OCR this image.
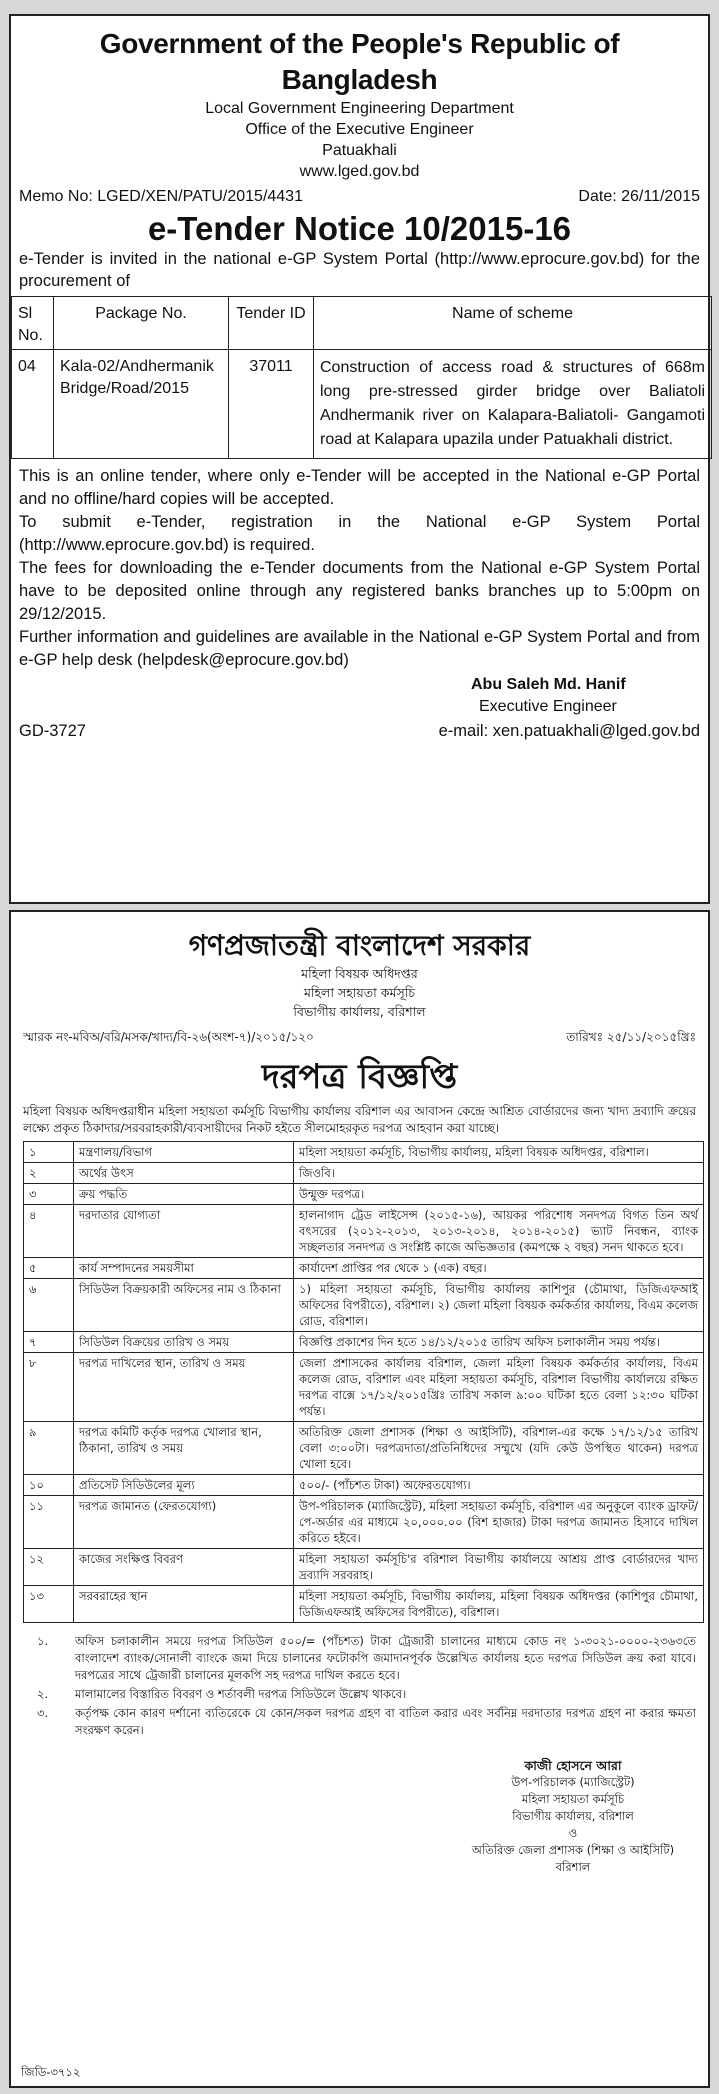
Government of the People's Republic of Bangladesh
Local Government Engineering Department
Office of the Executive Engineer
Patuakhali
www.lged.gov.bd
Memo No: LGED/XEN/PATU/2015/4431	Date: 26/11/2015
e-Tender Notice 10/2015-16
e-Tender is invited in the national e-GP System Portal (http://www.eprocure.gov.bd) for the procurement of
Sl No.	Package No.	Tender ID	Name of scheme
04	Kala-02/Andhermanik Bridge/Road/2015	37011	Construction of access road & structures of 668m long pre-stressed girder bridge over Baliatoli Andhermanik river on Kalapara-Baliatoli- Gangamoti road at Kalapara upazila under Patuakhali district.
This is an online tender, where only e-Tender will be accepted in the National e-GP Portal and no offline/hard copies will be accepted.
To submit e-Tender, registration in the National e-GP System Portal (http://www.eprocure.gov.bd) is required.
The fees for downloading the e-Tender documents from the National e-GP System Portal have to be deposited online through any registered banks branches up to 5:00pm on 29/12/2015.
Further information and guidelines are available in the National e-GP System Portal and from e-GP help desk (helpdesk@eprocure.gov.bd)
Abu Saleh Md. Hanif
Executive Engineer
GD-3727	e-mail: xen.patuakhali@lged.gov.bd
গণপ্রজাতন্ত্রী বাংলাদেশ সরকার
মহিলা বিষয়ক অধিদপ্তর
মহিলা সহায়তা কর্মসূচি
বিভাগীয় কার্যালয়, বরিশাল
স্মারক নং-মবিঅ/বরি/মসক/খাদ্য/বি-২৬(অংশ-৭)/২০১৫/১২০	তারিখঃ ২৫/১১/২০১৫খ্রিঃ
দরপত্র বিজ্ঞপ্তি
মহিলা বিষয়ক অধিদপ্তরাধীন মহিলা সহায়তা কর্মসূচি বিভাগীয় কার্যালয় বরিশাল এর আবাসন কেন্দ্রে আশ্রিত বোর্ডারদের জন্য খাদ্য দ্রব্যাদি ক্রয়ের লক্ষ্যে প্রকৃত ঠিকাদার/সরবরাহকারী/ব্যবসায়ীদের নিকট হইতে সীলমোহরকৃত দরপত্র আহবান করা যাচ্ছে।
১	মন্ত্রণালয়/বিভাগ	মহিলা সহায়তা কর্মসূচি, বিভাগীয় কার্যালয়, মহিলা বিষয়ক অধিদপ্তর, বরিশাল।
২	অর্থের উৎস	জিওবি।
৩	ক্রয় পদ্ধতি	উন্মুক্ত দরপত্র।
৪	দরদাতার যোগ্যতা	হালনাগাদ ট্রেড লাইসেন্স (২০১৫-১৬), আয়কর পরিশোধ সনদপত্র বিগত তিন অর্থ বৎসরের (২০১২-২০১৩, ২০১৩-২০১৪, ২০১৪-২০১৫) ভ্যাট নিবন্ধন, ব্যাংক সচ্ছলতার সনদপত্র ও সংশ্লিষ্ট কাজে অভিজ্ঞতার (কমপক্ষে ২ বছর) সনদ থাকতে হবে।
৫	কার্য সম্পাদনের সময়সীমা	কার্যাদেশ প্রাপ্তির পর থেকে ১ (এক) বছর।
৬	সিডিউল বিক্রয়কারী অফিসের নাম ও ঠিকানা	১) মহিলা সহায়তা কর্মসূচি, বিভাগীয় কার্যালয় কাশিপুর (চৌমাথা, ডিজিএফআই অফিসের বিপরীতে), বরিশাল। ২) জেলা মহিলা বিষয়ক কর্মকর্তার কার্যালয়, বিএম কলেজ রোড, বরিশাল।
৭	সিডিউল বিক্রয়ের তারিখ ও সময়	বিজ্ঞপ্তি প্রকাশের দিন হতে ১৪/১২/২০১৫ তারিখ অফিস চলাকালীন সময় পর্যন্ত।
৮	দরপত্র দাখিলের স্থান, তারিখ ও সময়	জেলা প্রশাসকের কার্যালয় বরিশাল, জেলা মহিলা বিষয়ক কর্মকর্তার কার্যালয়, বিএম কলেজ রোড, বরিশাল এবং মহিলা সহায়তা কর্মসূচি, বরিশাল বিভাগীয় কার্যালয়ে রক্ষিত দরপত্র বাক্সে ১৭/১২/২০১৫খ্রিঃ তারিখ সকাল ৯:০০ ঘটিকা হতে বেলা ১২:৩০ ঘটিকা পর্যন্ত।
৯	দরপত্র কমিটি কর্তৃক দরপত্র খোলার স্থান, ঠিকানা, তারিখ ও সময়	অতিরিক্ত জেলা প্রশাসক (শিক্ষা ও আইসিটি), বরিশাল-এর কক্ষে ১৭/১২/১৫ তারিখ বেলা ৩:০০টা। দরপত্রদাতা/প্রতিনিধিদের সম্মুখে (যদি কেউ উপস্থিত থাকেন) দরপত্র খোলা হবে।
১০	প্রতিসেট সিডিউলের মূল্য	৫০০/- (পাঁচশত টাকা) অফেরতযোগ্য।
১১	দরপত্র জামানত (ফেরতযোগ্য)	উপ-পরিচালক (ম্যাজিস্ট্রেট), মহিলা সহায়তা কর্মসূচি, বরিশাল এর অনুকূলে ব্যাংক ড্রাফট/পে-অর্ডার এর মাধ্যমে ২০,০০০.০০ (বিশ হাজার) টাকা দরপত্র জামানত হিসাবে দাখিল করিতে হইবে।
১২	কাজের সংক্ষিপ্ত বিবরণ	মহিলা সহায়তা কর্মসূচি'র বরিশাল বিভাগীয় কার্যালয়ে আশ্রয় প্রাপ্ত বোর্ডারদের খাদ্য দ্রব্যাদি সরবরাহ।
১৩	সরবরাহের স্থান	মহিলা সহায়তা কর্মসূচি, বিভাগীয় কার্যালয়, মহিলা বিষয়ক অধিদপ্তর (কাশিপুর চৌমাথা, ডিজিএফআই অফিসের বিপরীতে), বরিশাল।
১.	অফিস চলাকালীন সময়ে দরপত্র সিডিউল ৫০০/= (পাঁচশত) টাকা ট্রেজারী চালানের মাধ্যমে কোড নং ১-৩০২১-০০০০-২৩৬৩তে বাংলাদেশ ব্যাংক/সোনালী ব্যাংকে জমা দিয়ে চালানের ফটোকপি জমাদানপূর্বক উল্লেখিত কার্যালয় হতে দরপত্র সিডিউল ক্রয় করা যাবে। দরপত্রের সাথে ট্রেজারী চালানের মূলকপি সহ দরপত্র দাখিল করতে হবে।
২.	মালামালের বিস্তারিত বিবরণ ও শর্তাবলী দরপত্র সিডিউলে উল্লেখ থাকবে।
৩.	কর্তৃপক্ষ কোন কারণ দর্শানো ব্যতিরেকে যে কোন/সকল দরপত্র গ্রহণ বা বাতিল করার এবং সর্বনিম্ন দরদাতার দরপত্র গ্রহণ না করার ক্ষমতা সংরক্ষণ করেন।
কাজী হোসনে আরা
উপ-পরিচালক (ম্যাজিস্ট্রেট)
মহিলা সহায়তা কর্মসূচি
বিভাগীয় কার্যালয়, বরিশাল
ও
অতিরিক্ত জেলা প্রশাসক (শিক্ষা ও আইসিটি)
বরিশাল
জিডি-৩৭১২
